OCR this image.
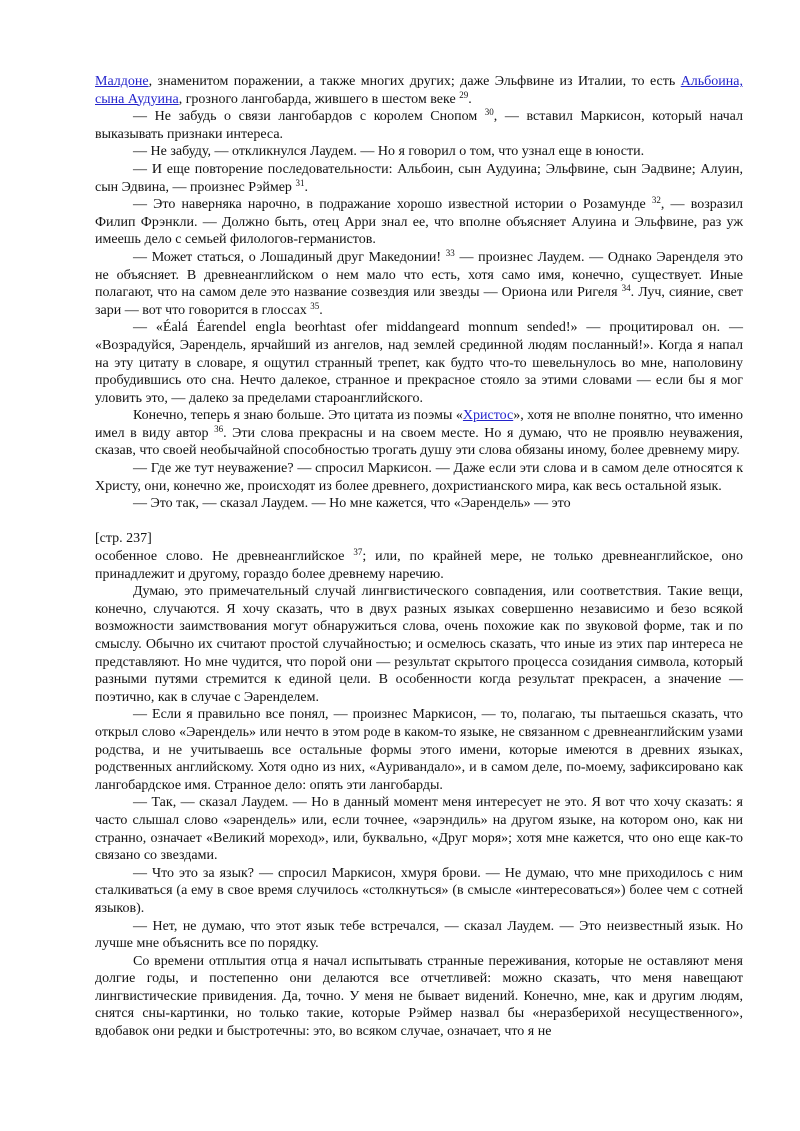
Малдоне, знаменитом поражении, а также многих других; даже Эльфвине из Италии, то есть Альбоина, сына Аудуина, грозного лангобарда, жившего в шестом веке $^{29}$.

— Не забудь о связи лангобардов с королем Снопом $^{30}$, — вставил Маркисон, который начал выказывать признаки интереса.

— Не забуду, — откликнулся Лаудем. — Но я говорил о том, что узнал еще в юности.

— И еще повторение последовательности: Альбоин, сын Аудуина; Эльфвине, сын Эадвине; Алуин, сын Эдвина, — произнес Рэймер $^{31}$.

— Это наверняка нарочно, в подражание хорошо известной истории о Розамунде $^{32}$, — возразил Филип Фрэнкли. — Должно быть, отец Арри знал ее, что вполне объясняет Алуина и Эльфвине, раз уж имеешь дело с семьей филологов-германистов.

— Может статься, о Лошадиный друг Македонии! $^{33}$ — произнес Лаудем. — Однако Эаренделя это не объясняет. В древнеанглийском о нем мало что есть, хотя само имя, конечно, существует. Иные полагают, что на самом деле это название созвездия или звезды — Ориона или Ригеля $^{34}$. Луч, сияние, свет зари — вот что говорится в глоссах $^{35}$.

— «Éalá Éarendel engla beorhtast ofer middangeard monnum sended!» — процитировал он. — «Возрадуйся, Эарендель, ярчайший из ангелов, над землей срединной людям посланный!». Когда я напал на эту цитату в словаре, я ощутил странный трепет, как будто что-то шевельнулось во мне, наполовину пробудившись ото сна. Нечто далекое, странное и прекрасное стояло за этими словами — если бы я мог уловить это, — далеко за пределами староанглийского.

Конечно, теперь я знаю больше. Это цитата из поэмы «Христос», хотя не вполне понятно, что именно имел в виду автор $^{36}$. Эти слова прекрасны и на своем месте. Но я думаю, что не проявлю неуважения, сказав, что своей необычайной способностью трогать душу эти слова обязаны иному, более древнему миру.

— Где же тут неуважение? — спросил Маркисон. — Даже если эти слова и в самом деле относятся к Христу, они, конечно же, происходят из более древнего, дохристианского мира, как весь остальной язык.

— Это так, — сказал Лаудем. — Но мне кажется, что «Эарендель» — это

[стр. 237]

особенное слово. Не древнеанглийское $^{37}$; или, по крайней мере, не только древнеанглийское, оно принадлежит и другому, гораздо более древнему наречию.

Думаю, это примечательный случай лингвистического совпадения, или соответствия. Такие вещи, конечно, случаются. Я хочу сказать, что в двух разных языках совершенно независимо и безо всякой возможности заимствования могут обнаружиться слова, очень похожие как по звуковой форме, так и по смыслу. Обычно их считают простой случайностью; и осмелюсь сказать, что иные из этих пар интереса не представляют. Но мне чудится, что порой они — результат скрытого процесса созидания символа, который разными путями стремится к единой цели. В особенности когда результат прекрасен, а значение — поэтично, как в случае с Эаренделем.

— Если я правильно все понял, — произнес Маркисон, — то, полагаю, ты пытаешься сказать, что открыл слово «Эарендель» или нечто в этом роде в каком-то языке, не связанном с древнеанглийским узами родства, и не учитываешь все остальные формы этого имени, которые имеются в древних языках, родственных английскому. Хотя одно из них, «Ауривандало», и в самом деле, по-моему, зафиксировано как лангобардское имя. Странное дело: опять эти лангобарды.

— Так, — сказал Лаудем. — Но в данный момент меня интересует не это. Я вот что хочу сказать: я часто слышал слово «эарендель» или, если точнее, «эарэндиль» на другом языке, на котором оно, как ни странно, означает «Великий мореход», или, буквально, «Друг моря»; хотя мне кажется, что оно еще как-то связано со звездами.

— Что это за язык? — спросил Маркисон, хмуря брови. — Не думаю, что мне приходилось с ним сталкиваться (а ему в свое время случилось «столкнуться» (в смысле «интересоваться») более чем с сотней языков).

— Нет, не думаю, что этот язык тебе встречался, — сказал Лаудем. — Это неизвестный язык. Но лучше мне объяснить все по порядку.

Со времени отплытия отца я начал испытывать странные переживания, которые не оставляют меня долгие годы, и постепенно они делаются все отчетливей: можно сказать, что меня навещают лингвистические привидения. Да, точно. У меня не бывает видений. Конечно, мне, как и другим людям, снятся сны-картинки, но только такие, которые Рэймер назвал бы «неразберихой несущественного», вдобавок они редки и быстротечны: это, во всяком случае, означает, что я не
